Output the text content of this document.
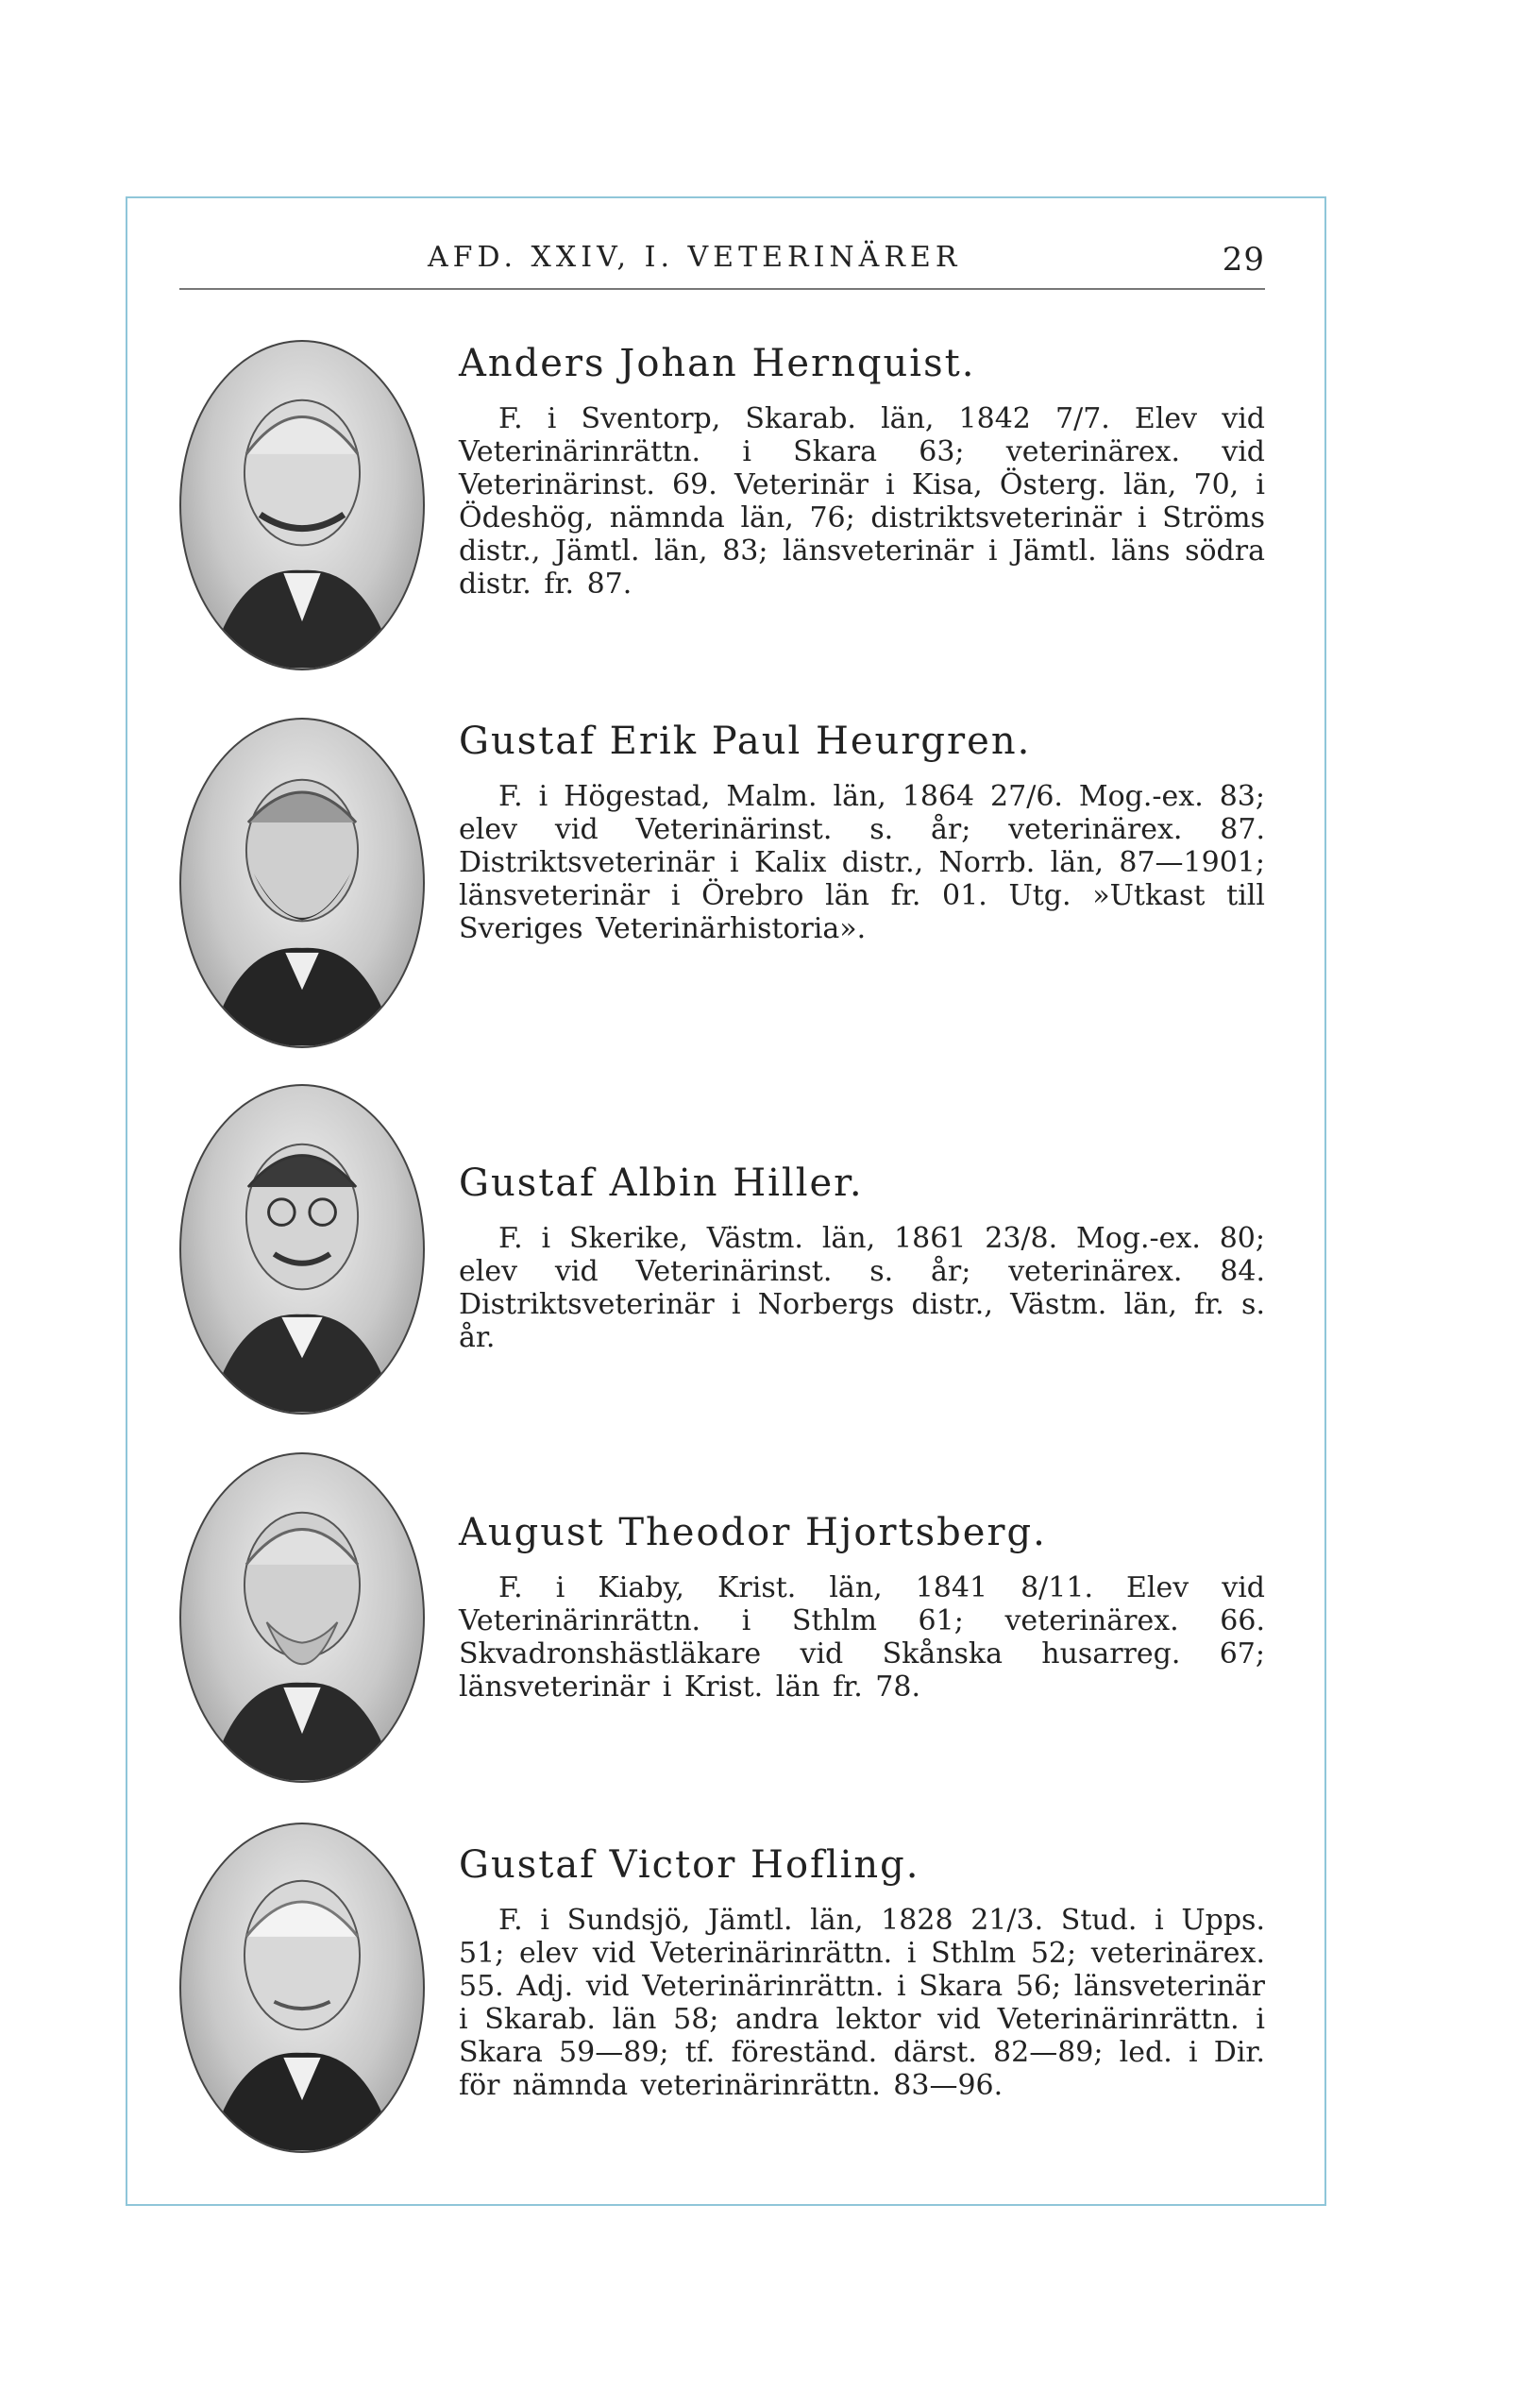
AFD. XXIV, I. VETERINÄRER	29
Anders Johan Hernquist.

F. i Sventorp, Skarab. län, 1842 7/7. Elev vid Veterinärinrättn. i Skara 63; veterinärex. vid Veterinärinst. 69. Veterinär i Kisa, Österg. län, 70, i Ödeshög, nämnda län, 76; distriktsveterinär i Ströms distr., Jämtl. län, 83; länsveterinär i Jämtl. läns södra distr. fr. 87.

Gustaf Erik Paul Heurgren.

F. i Högestad, Malm. län, 1864 27/6. Mog.-ex. 83; elev vid Veterinärinst. s. år; veterinärex. 87. Distriktsveterinär i Kalix distr., Norrb. län, 87—1901; länsveterinär i Örebro län fr. 01. Utg. »Utkast till Sveriges Veterinärhistoria».

Gustaf Albin Hiller.

F. i Skerike, Västm. län, 1861 23/8. Mog.-ex. 80; elev vid Veterinärinst. s. år; veterinärex. 84. Distriktsveterinär i Norbergs distr., Västm. län, fr. s. år.

August Theodor Hjortsberg.

F. i Kiaby, Krist. län, 1841 8/11. Elev vid Veterinärinrättn. i Sthlm 61; veterinärex. 66. Skvadronshästläkare vid Skånska husarreg. 67; länsveterinär i Krist. län fr. 78.

Gustaf Victor Hofling.

F. i Sundsjö, Jämtl. län, 1828 21/3. Stud. i Upps. 51; elev vid Veterinärinrättn. i Sthlm 52; veterinärex. 55. Adj. vid Veterinärinrättn. i Skara 56; länsveterinär i Skarab. län 58; andra lektor vid Veterinärinrättn. i Skara 59—89; tf. föreständ. därst. 82—89; led. i Dir. för nämnda veterinärinrättn. 83—96.
